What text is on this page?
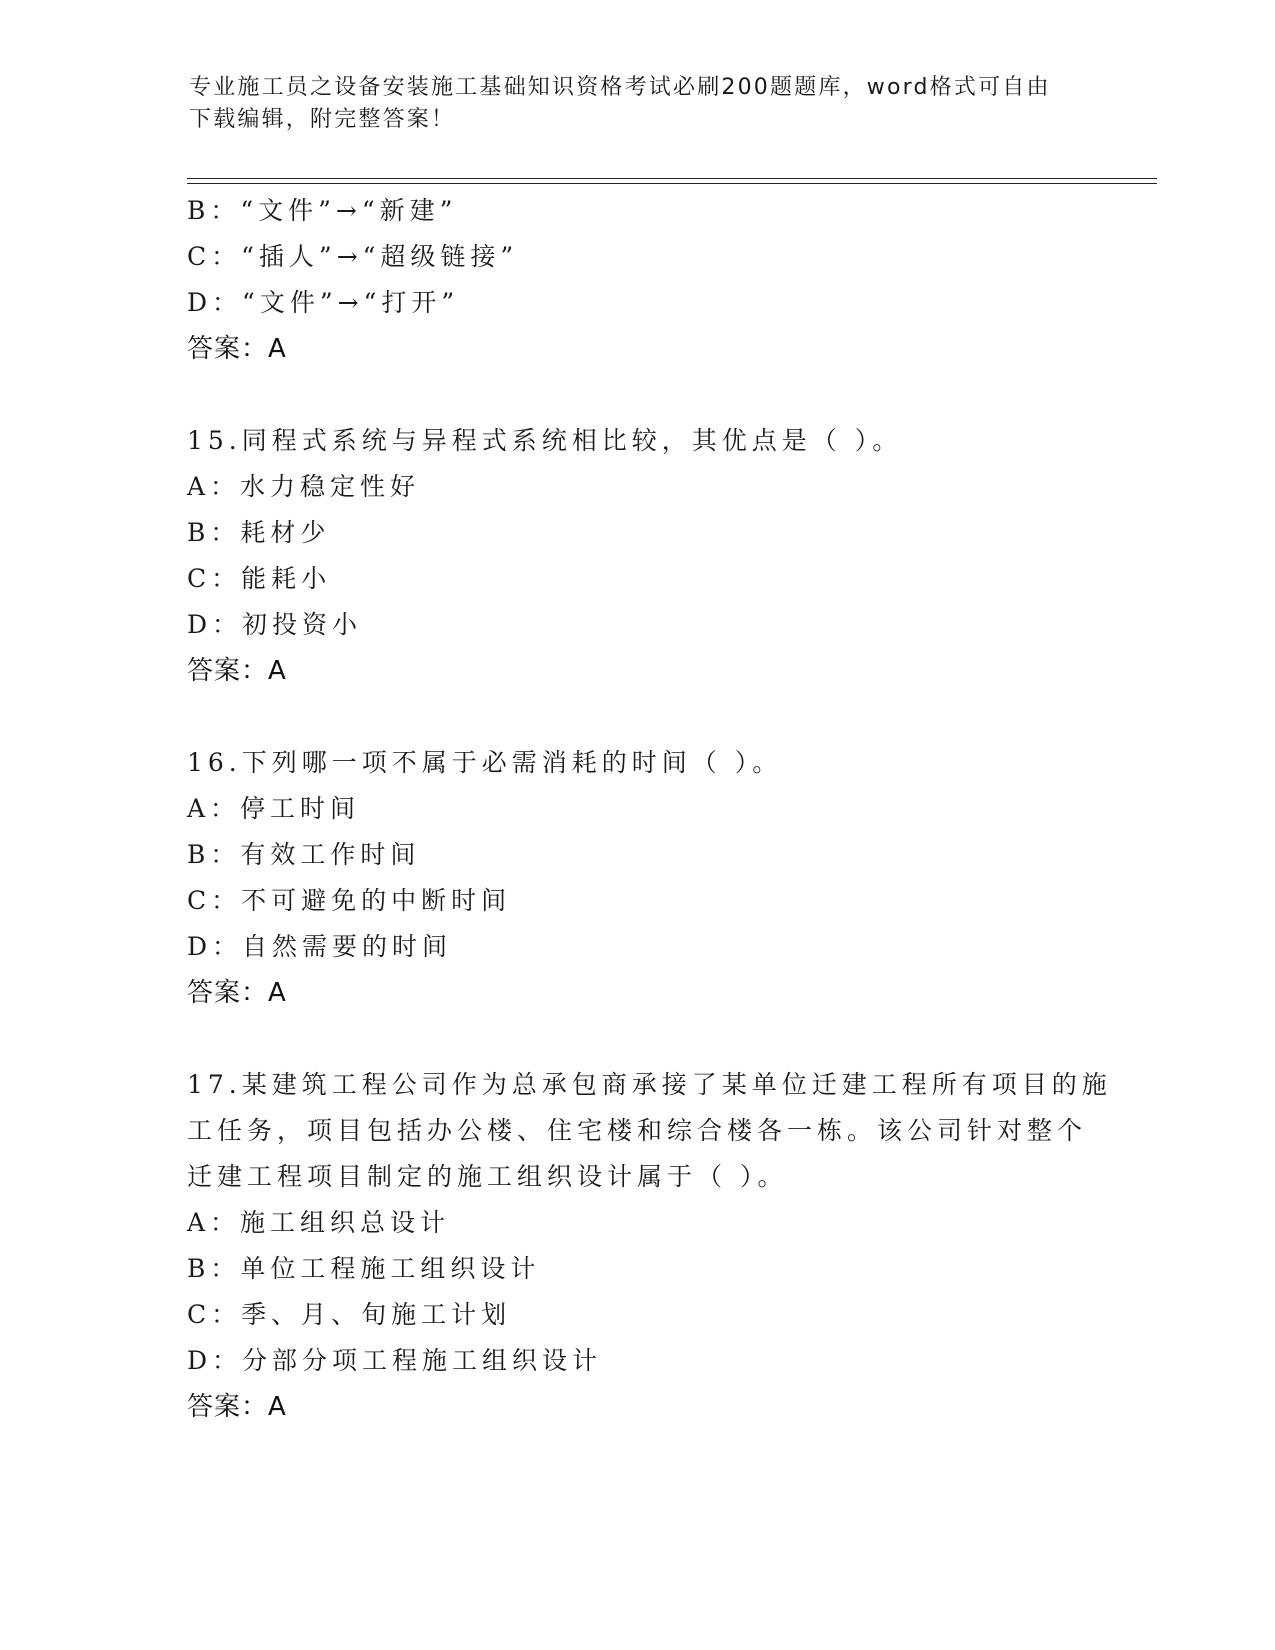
专业施工员之设备安装施工基础知识资格考试必刷200题题库，word格式可自由
下载编辑，附完整答案！
B：“文件”→“新建”
C：“插人”→“超级链接”
D：“文件”→“打开”
答案：A
15.同程式系统与异程式系统相比较，其优点是（ ）。
A：水力稳定性好
B：耗材少
C：能耗小
D：初投资小
答案：A
16.下列哪一项不属于必需消耗的时间（ ）。
A：停工时间
B：有效工作时间
C：不可避免的中断时间
D：自然需要的时间
答案：A
17.某建筑工程公司作为总承包商承接了某单位迁建工程所有项目的施
工任务，项目包括办公楼、住宅楼和综合楼各一栋。该公司针对整个
迁建工程项目制定的施工组织设计属于（ ）。
A：施工组织总设计
B：单位工程施工组织设计
C：季、月、旬施工计划
D：分部分项工程施工组织设计
答案：A
